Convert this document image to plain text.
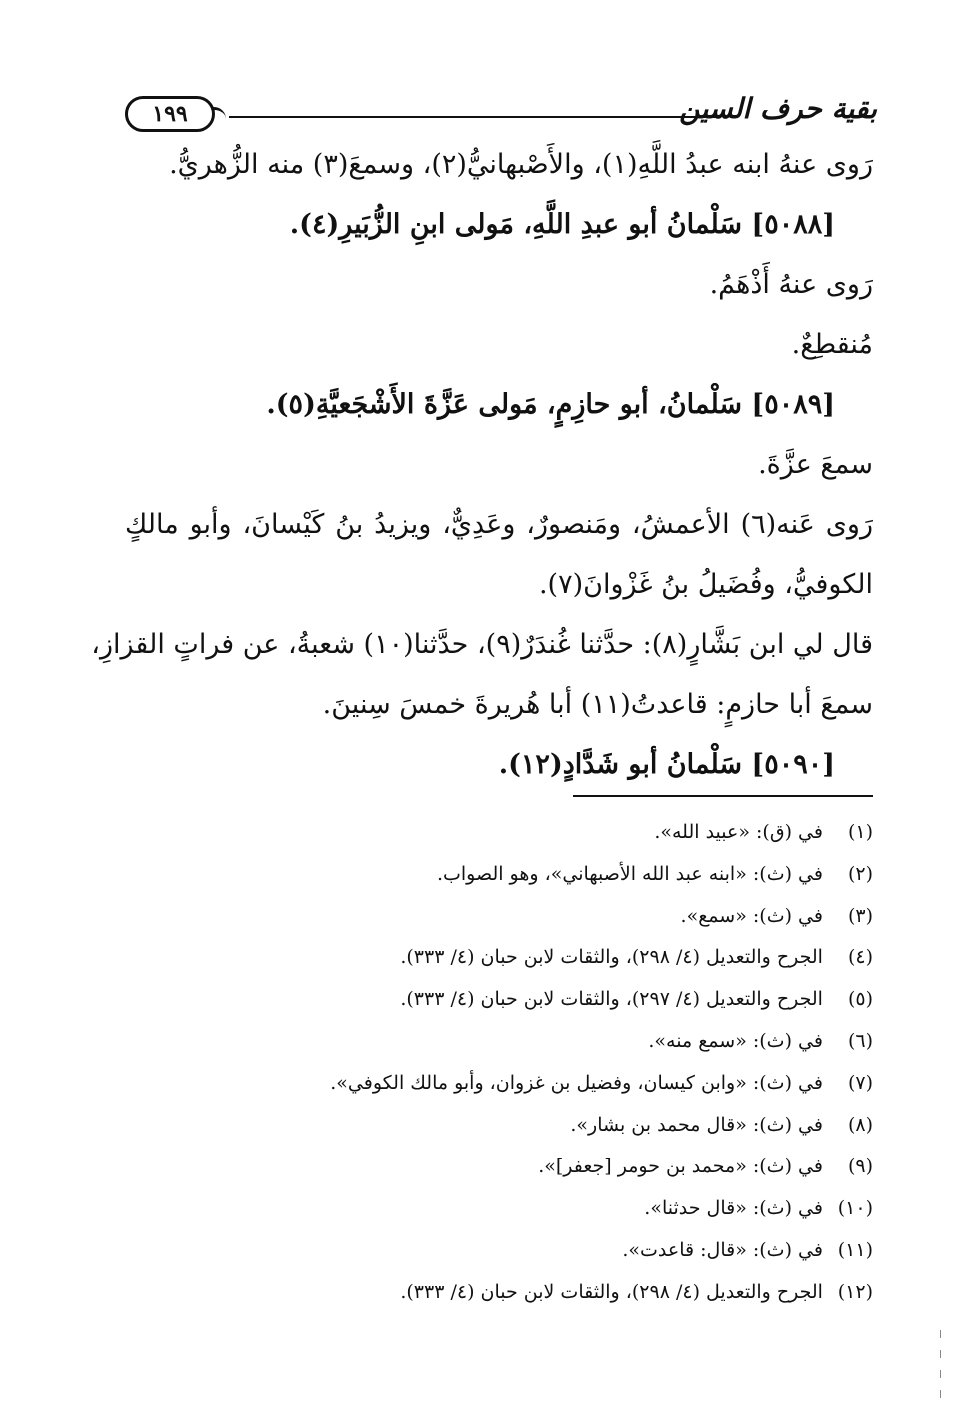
١٩٩	بقية حرف السين
رَوى عنهُ ابنه عبدُ اللَّهِ(١)، والأَصْبهانيُّ(٢)، وسمعَ(٣) منه الزُّهريُّ.
[٥٠٨٨] سَلْمانُ أبو عبدِ اللَّهِ، مَولى ابنِ الزُّبَيرِ(٤).
رَوى عنهُ أَذْهَمُ.
مُنقطِعٌ.
[٥٠٨٩] سَلْمانُ، أبو حازِمٍ، مَولى عَزَّةَ الأَشْجَعيَّةِ(٥).
سمعَ عزَّةَ.
رَوى عَنه(٦) الأعمشُ، ومَنصورٌ، وعَدِيٌّ، ويزيدُ بنُ كَيْسانَ، وأبو مالكٍ
الكوفيُّ، وفُضَيلُ بنُ غَزْوانَ(٧).
قال لي ابن بَشَّارٍ(٨): حدَّثنا غُندَرٌ(٩)، حدَّثنا(١٠) شعبةُ، عن فراتٍ القزازِ،
سمعَ أبا حازمٍ: قاعدتُ(١١) أبا هُريرةَ خمسَ سِنينَ.
[٥٠٩٠] سَلْمانُ أبو شَدَّادٍ(١٢).
(١) في (ق): «عبيد الله».
(٢) في (ث): «ابنه عبد الله الأصبهاني»، وهو الصواب.
(٣) في (ث): «سمع».
(٤) الجرح والتعديل (٤/ ٢٩٨)، والثقات لابن حبان (٤/ ٣٣٣).
(٥) الجرح والتعديل (٤/ ٢٩٧)، والثقات لابن حبان (٤/ ٣٣٣).
(٦) في (ث): «سمع منه».
(٧) في (ث): «وابن كيسان، وفضيل بن غزوان، وأبو مالك الكوفي».
(٨) في (ث): «قال محمد بن بشار».
(٩) في (ث): «محمد بن حومر [جعفر]».
(١٠) في (ث): «قال حدثنا».
(١١) في (ث): «قال: قاعدت».
(١٢) الجرح والتعديل (٤/ ٢٩٨)، والثقات لابن حبان (٤/ ٣٣٣).
